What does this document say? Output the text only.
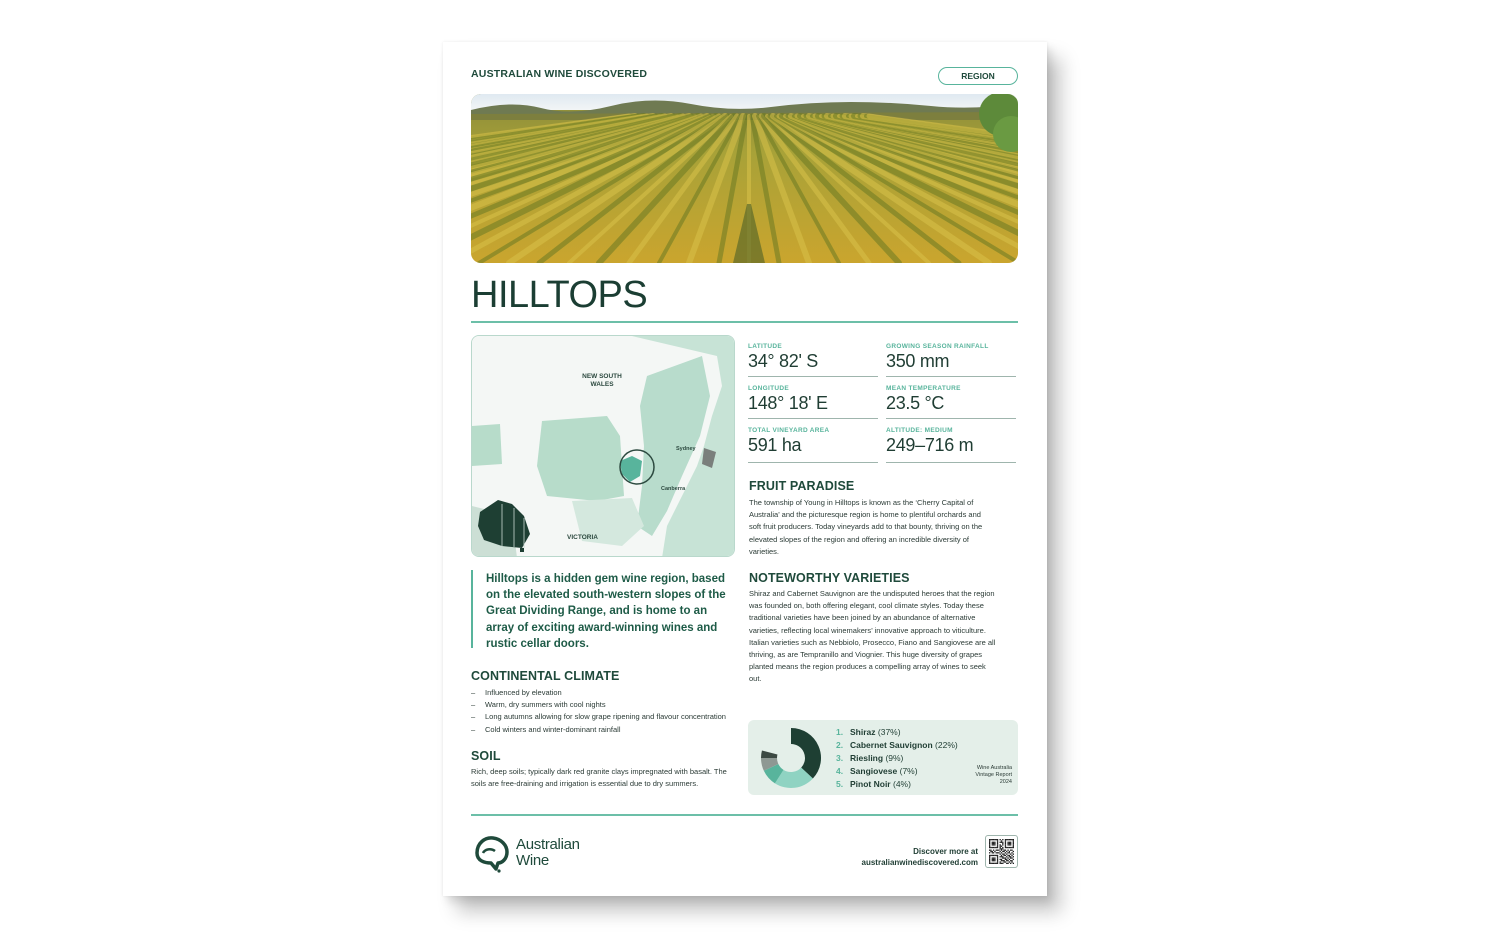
AUSTRALIAN WINE DISCOVERED	REGION
HILLTOPS
NEW SOUTH
WALES
Sydney
Canberra
VICTORIA
LATITUDE
34° 82' S
GROWING SEASON RAINFALL
350 mm
LONGITUDE
148° 18' E
MEAN TEMPERATURE
23.5 °C
TOTAL VINEYARD AREA
591 ha
ALTITUDE: MEDIUM
249–716 m
FRUIT PARADISE
The township of Young in Hilltops is known as the ‘Cherry Capital of Australia’ and the picturesque region is home to plentiful orchards and soft fruit producers. Today vineyards add to that bounty, thriving on the elevated slopes of the region and offering an incredible diversity of varieties.
NOTEWORTHY VARIETIES
Shiraz and Cabernet Sauvignon are the undisputed heroes that the region was founded on, both offering elegant, cool climate styles. Today these traditional varieties have been joined by an abundance of alternative varieties, reflecting local winemakers’ innovative approach to viticulture. Italian varieties such as Nebbiolo, Prosecco, Fiano and Sangiovese are all thriving, as are Tempranillo and Viognier. This huge diversity of grapes planted means the region produces a compelling array of wines to seek out.
Hilltops is a hidden gem wine region, based on the elevated south-western slopes of the Great Dividing Range, and is home to an array of exciting award-winning wines and rustic cellar doors.
CONTINENTAL CLIMATE
– Influenced by elevation
– Warm, dry summers with cool nights
– Long autumns allowing for slow grape ripening and flavour concentration
– Cold winters and winter-dominant rainfall
SOIL
Rich, deep soils; typically dark red granite clays impregnated with basalt. The soils are free-draining and irrigation is essential due to dry summers.
1. Shiraz (37%)
2. Cabernet Sauvignon (22%)
3. Riesling (9%)
4. Sangiovese (7%)
5. Pinot Noir (4%)
Wine Australia
Vintage Report
2024
Australian
Wine
Discover more at
australianwinediscovered.com
